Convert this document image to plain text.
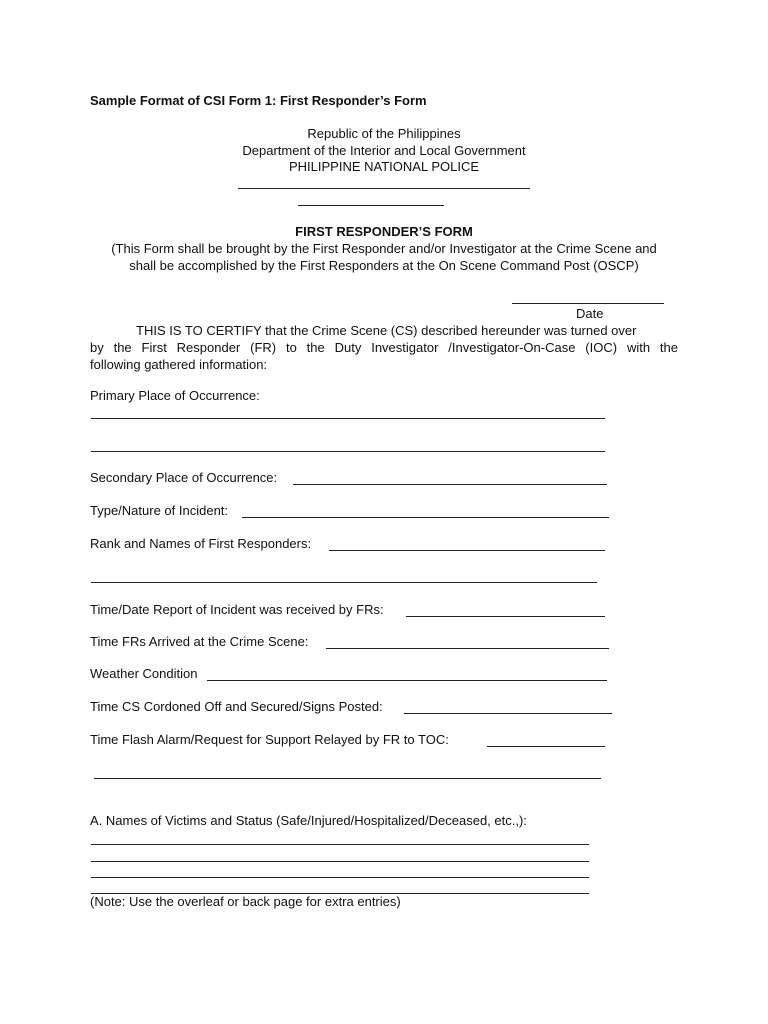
Sample Format of CSI Form 1: First Responder’s Form
Republic of the Philippines
Department of the Interior and Local Government
PHILIPPINE NATIONAL POLICE
FIRST RESPONDER’S FORM
(This Form shall be brought by the First Responder and/or Investigator at the Crime Scene and
shall be accomplished by the First Responders at the On Scene Command Post (OSCP)
Date
THIS IS TO CERTIFY that the Crime Scene (CS) described hereunder was turned over
by the First Responder (FR) to the Duty Investigator /Investigator-On-Case (IOC) with the
following gathered information:
Primary Place of Occurrence:
Secondary Place of Occurrence:
Type/Nature of Incident:
Rank and Names of First Responders:
Time/Date Report of Incident was received by FRs:
Time FRs Arrived at the Crime Scene:
Weather Condition
Time CS Cordoned Off and Secured/Signs Posted:
Time Flash Alarm/Request for Support Relayed by FR to TOC:
A. Names of Victims and Status (Safe/Injured/Hospitalized/Deceased, etc.,):
(Note: Use the overleaf or back page for extra entries)
